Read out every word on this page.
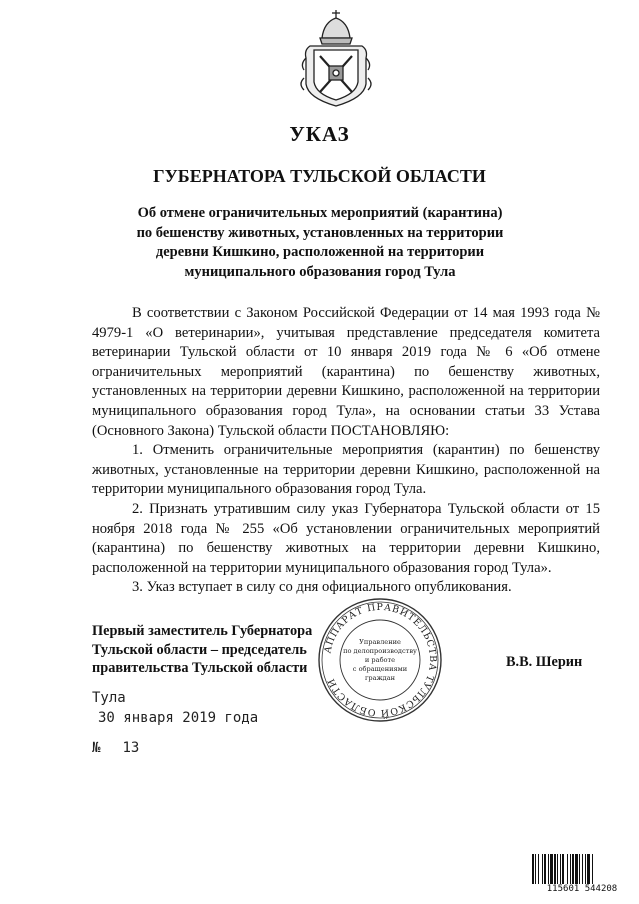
УКАЗ
ГУБЕРНАТОРА ТУЛЬСКОЙ ОБЛАСТИ
Об отмене ограничительных мероприятий (карантина)
по бешенству животных, установленных на территории
деревни Кишкино, расположенной на территории
муниципального образования город Тула

В соответствии с Законом Российской Федерации от 14 мая 1993 года № 4979-1 «О ветеринарии», учитывая представление председателя комитета ветеринарии Тульской области от 10 января 2019 года № 6 «Об отмене ограничительных мероприятий (карантина) по бешенству животных, установленных на территории деревни Кишкино, расположенной на территории муниципального образования город Тула», на основании статьи 33 Устава (Основного Закона) Тульской области ПОСТАНОВЛЯЮ:

1. Отменить ограничительные мероприятия (карантин) по бешенству животных, установленные на территории деревни Кишкино, расположенной на территории муниципального образования город Тула.

2. Признать утратившим силу указ Губернатора Тульской области от 15 ноября 2018 года № 255 «Об установлении ограничительных мероприятий (карантина) по бешенству животных на территории деревни Кишкино, расположенной на территории муниципального образования город Тула».

3. Указ вступает в силу со дня официального опубликования.

Первый заместитель Губернатора
Тульской области – председатель
правительства Тульской области
АППАРАТ ПРАВИТЕЛЬСТВА ТУЛЬСКОЙ ОБЛАСТИ
Управление
по делопроизводству
и работе
с обращениями
граждан
В.В. Шерин
Тула
30 января 2019 года
№ 13
115601 544208
